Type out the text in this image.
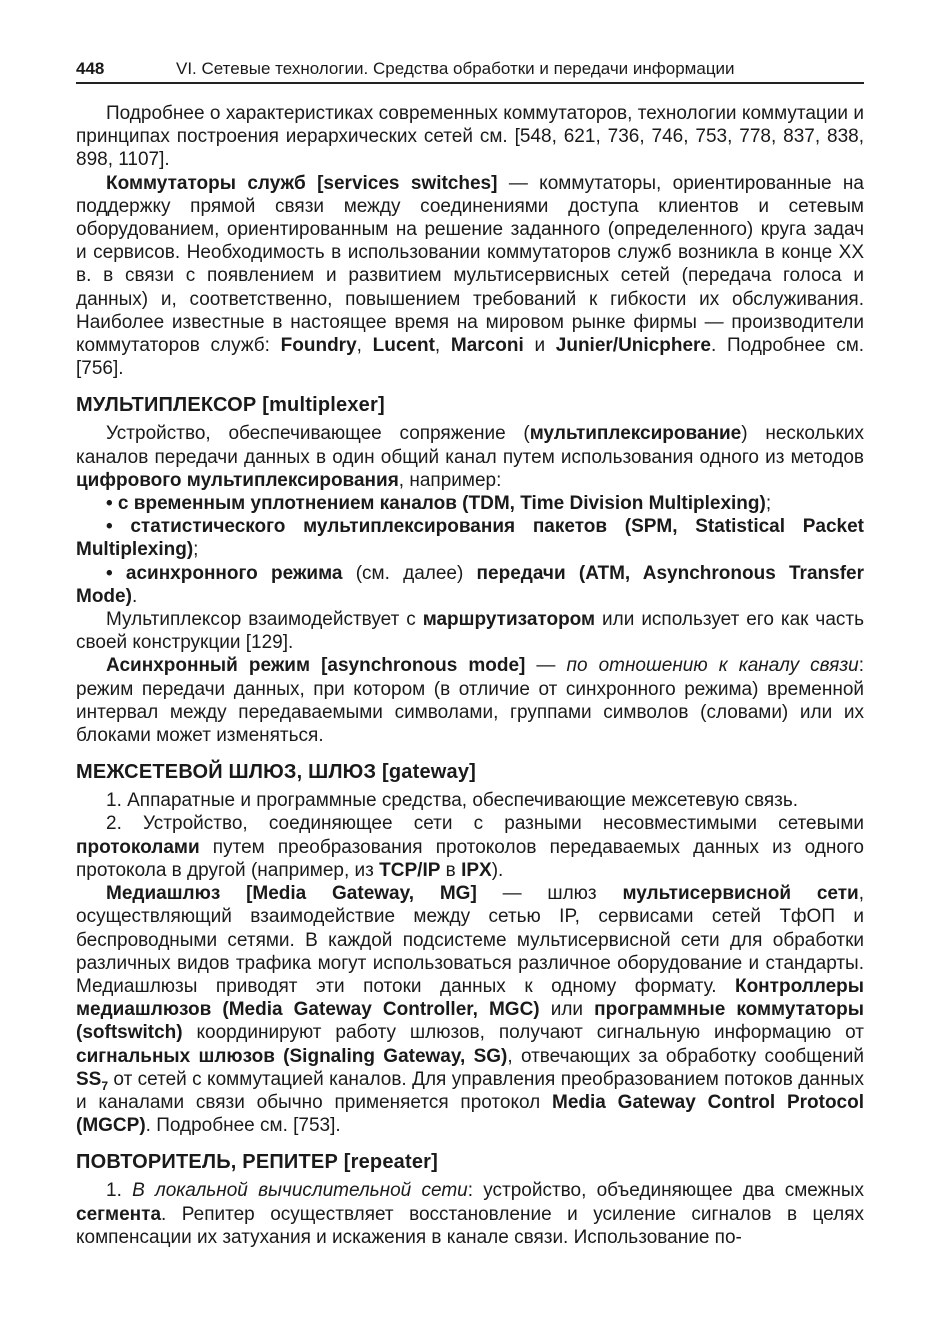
448	VI. Сетевые технологии. Средства обработки и передачи информации

Подробнее о характеристиках современных коммутаторов, технологии коммутации и принципах построения иерархических сетей см. [548, 621, 736, 746, 753, 778, 837, 838, 898, 1107].

Коммутаторы служб [services switches] — коммутаторы, ориентированные на поддержку прямой связи между соединениями доступа клиентов и сетевым оборудованием, ориентированным на решение заданного (определенного) круга задач и сервисов. Необходимость в использовании коммутаторов служб возникла в конце XX в. в связи с появлением и развитием мультисервисных сетей (передача голоса и данных) и, соответственно, повышением требований к гибкости их обслуживания. Наиболее известные в настоящее время на мировом рынке фирмы — производители коммутаторов служб: Foundry, Lucent, Marconi и Junier/Unicphere. Подробнее см. [756].

МУЛЬТИПЛЕКСОР [multiplexer]

Устройство, обеспечивающее сопряжение (мультиплексирование) нескольких каналов передачи данных в один общий канал путем использования одного из методов цифрового мультиплексирования, например:

• с временным уплотнением каналов (TDM, Time Division Multiplexing);

• статистического мультиплексирования пакетов (SPM, Statistical Packet Multiplexing);

• асинхронного режима (см. далее) передачи (ATM, Asynchronous Transfer Mode).

Мультиплексор взаимодействует с маршрутизатором или использует его как часть своей конструкции [129].

Асинхронный режим [asynchronous mode] — по отношению к каналу связи: режим передачи данных, при котором (в отличие от синхронного режима) временной интервал между передаваемыми символами, группами символов (словами) или их блоками может изменяться.

МЕЖСЕТЕВОЙ ШЛЮЗ, ШЛЮЗ [gateway]

1. Аппаратные и программные средства, обеспечивающие межсетевую связь.

2. Устройство, соединяющее сети с разными несовместимыми сетевыми протоколами путем преобразования протоколов передаваемых данных из одного протокола в другой (например, из TCP/IP в IPX).

Медиашлюз [Media Gateway, MG] — шлюз мультисервисной сети, осуществляющий взаимодействие между сетью IP, сервисами сетей ТфОП и беспроводными сетями. В каждой подсистеме мультисервисной сети для обработки различных видов трафика могут использоваться различное оборудование и стандарты. Медиашлюзы приводят эти потоки данных к одному формату. Контроллеры медиашлюзов (Media Gateway Controller, MGC) или программные коммутаторы (softswitch) координируют работу шлюзов, получают сигнальную информацию от сигнальных шлюзов (Signaling Gateway, SG), отвечающих за обработку сообщений $SS_7$ от сетей с коммутацией каналов. Для управления преобразованием потоков данных и каналами связи обычно применяется протокол Media Gateway Control Protocol (MGCP). Подробнее см. [753].

ПОВТОРИТЕЛЬ, РЕПИТЕР [repeater]

1. В локальной вычислительной сети: устройство, объединяющее два смежных сегмента. Репитер осуществляет восстановление и усиление сигналов в целях компенсации их затухания и искажения в канале связи. Использование по-
